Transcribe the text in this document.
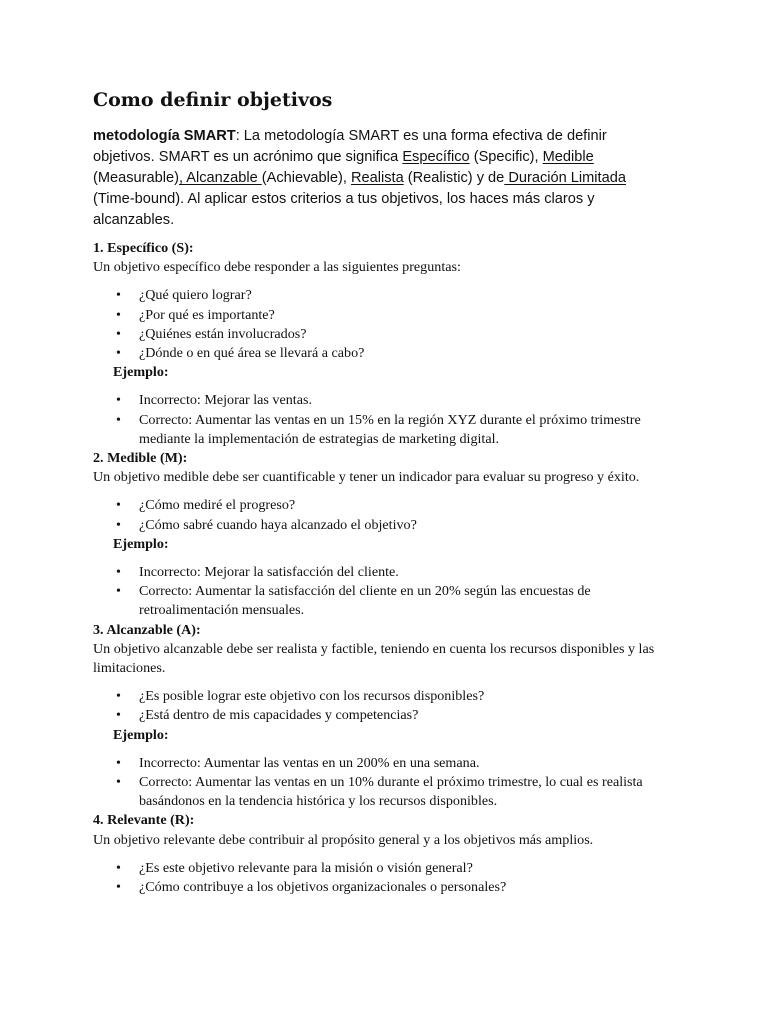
Como definir objetivos

metodología SMART: La metodología SMART es una forma efectiva de definir objetivos. SMART es un acrónimo que significa Específico (Specific), Medible (Measurable), Alcanzable (Achievable), Realista (Realistic) y de Duración Limitada (Time-bound). Al aplicar estos criterios a tus objetivos, los haces más claros y alcanzables.

1. Específico (S):

Un objetivo específico debe responder a las siguientes preguntas:

• ¿Qué quiero lograr?
• ¿Por qué es importante?
• ¿Quiénes están involucrados?
• ¿Dónde o en qué área se llevará a cabo?

Ejemplo:

• Incorrecto: Mejorar las ventas.
• Correcto: Aumentar las ventas en un 15% en la región XYZ durante el próximo trimestre mediante la implementación de estrategias de marketing digital.

2. Medible (M):

Un objetivo medible debe ser cuantificable y tener un indicador para evaluar su progreso y éxito.

• ¿Cómo mediré el progreso?
• ¿Cómo sabré cuando haya alcanzado el objetivo?

Ejemplo:

• Incorrecto: Mejorar la satisfacción del cliente.
• Correcto: Aumentar la satisfacción del cliente en un 20% según las encuestas de retroalimentación mensuales.

3. Alcanzable (A):

Un objetivo alcanzable debe ser realista y factible, teniendo en cuenta los recursos disponibles y las limitaciones.

• ¿Es posible lograr este objetivo con los recursos disponibles?
• ¿Está dentro de mis capacidades y competencias?

Ejemplo:

• Incorrecto: Aumentar las ventas en un 200% en una semana.
• Correcto: Aumentar las ventas en un 10% durante el próximo trimestre, lo cual es realista basándonos en la tendencia histórica y los recursos disponibles.

4. Relevante (R):

Un objetivo relevante debe contribuir al propósito general y a los objetivos más amplios.

• ¿Es este objetivo relevante para la misión o visión general?
• ¿Cómo contribuye a los objetivos organizacionales o personales?
